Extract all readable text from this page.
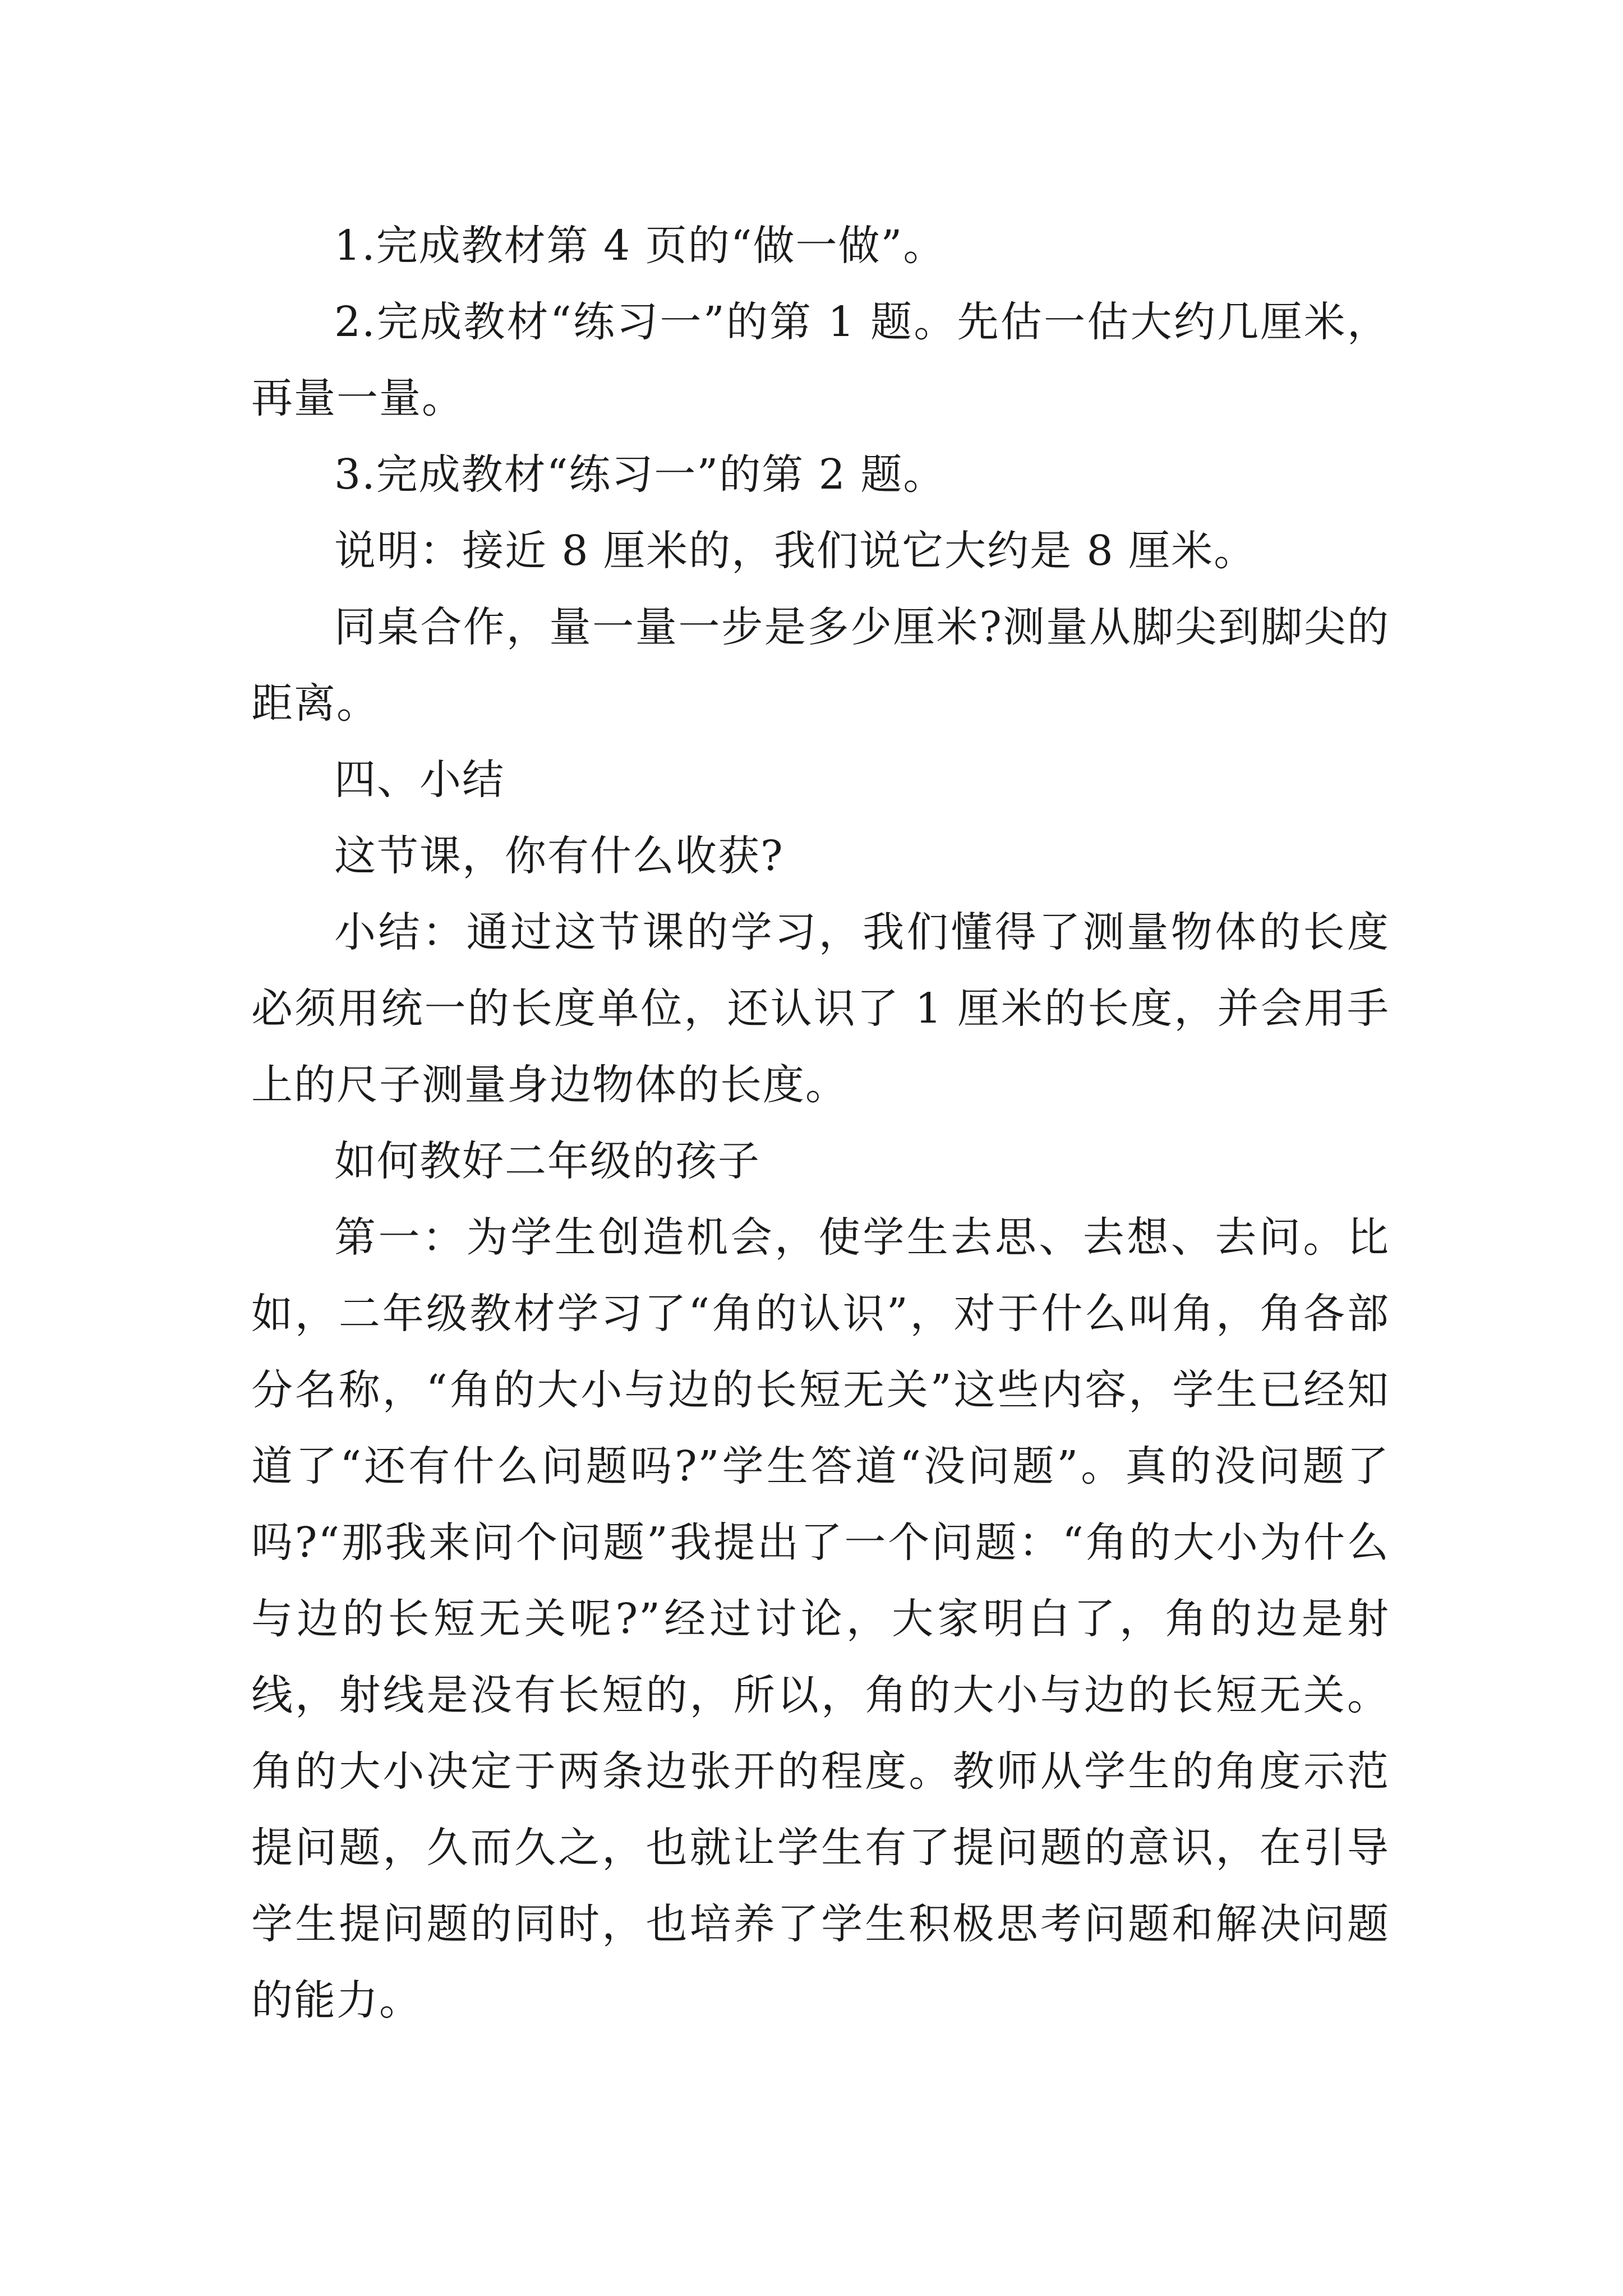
1.完成教材第 4 页的“做一做”。

2.完成教材“练习一”的第 1 题。先估一估大约几厘米，再量一量。

3.完成教材“练习一”的第 2 题。

说明：接近 8 厘米的，我们说它大约是 8 厘米。

同桌合作，量一量一步是多少厘米?测量从脚尖到脚尖的距离。

四、小结

这节课，你有什么收获?

小结：通过这节课的学习，我们懂得了测量物体的长度必须用统一的长度单位，还认识了 1 厘米的长度，并会用手上的尺子测量身边物体的长度。

如何教好二年级的孩子

第一：为学生创造机会，使学生去思、去想、去问。比如，二年级教材学习了“角的认识”，对于什么叫角，角各部分名称，“角的大小与边的长短无关”这些内容，学生已经知道了“还有什么问题吗?”学生答道“没问题”。真的没问题了吗?“那我来问个问题”我提出了一个问题：“角的大小为什么与边的长短无关呢?”经过讨论，大家明白了，角的边是射线，射线是没有长短的，所以，角的大小与边的长短无关。角的大小决定于两条边张开的程度。教师从学生的角度示范提问题，久而久之，也就让学生有了提问题的意识，在引导学生提问题的同时，也培养了学生积极思考问题和解决问题的能力。
